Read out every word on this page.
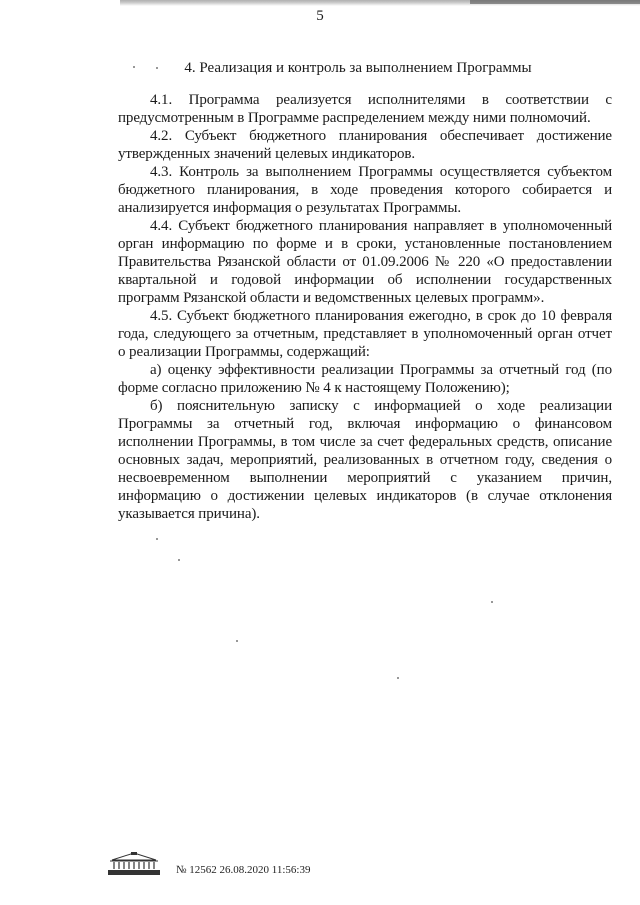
5
4. Реализация и контроль за выполнением Программы

4.1. Программа реализуется исполнителями в соответствии с предусмотренным в Программе распределением между ними полномочий.

4.2. Субъект бюджетного планирования обеспечивает достижение утвержденных значений целевых индикаторов.

4.3. Контроль за выполнением Программы осуществляется субъектом бюджетного планирования, в ходе проведения которого собирается и анализируется информация о результатах Программы.

4.4. Субъект бюджетного планирования направляет в уполномоченный орган информацию по форме и в сроки, установленные постановлением Правительства Рязанской области от 01.09.2006 № 220 «О предоставлении квартальной и годовой информации об исполнении государственных программ Рязанской области и ведомственных целевых программ».

4.5. Субъект бюджетного планирования ежегодно, в срок до 10 февраля года, следующего за отчетным, представляет в уполномоченный орган отчет о реализации Программы, содержащий:

а) оценку эффективности реализации Программы за отчетный год (по форме согласно приложению № 4 к настоящему Положению);

б) пояснительную записку с информацией о ходе реализации Программы за отчетный год, включая информацию о финансовом исполнении Программы, в том числе за счет федеральных средств, описание основных задач, мероприятий, реализованных в отчетном году, сведения о несвоевременном выполнении мероприятий с указанием причин, информацию о достижении целевых индикаторов (в случае отклонения указывается причина).

№ 12562 26.08.2020 11:56:39
